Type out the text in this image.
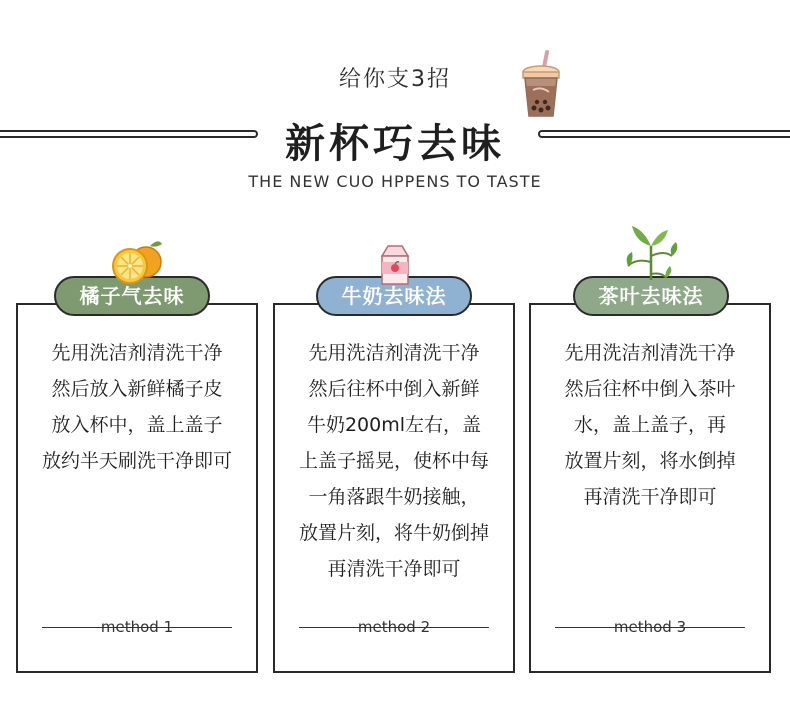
给你支3招
新杯巧去味
THE NEW CUO HPPENS TO TASTE
先用洗洁剂清洗干净
然后放入新鲜橘子皮
放入杯中，盖上盖子
放约半天刷洗干净即可
method 1
先用洗洁剂清洗干净
然后往杯中倒入新鲜
牛奶200ml左右，盖
上盖子摇晃，使杯中每
一角落跟牛奶接触，
放置片刻，将牛奶倒掉
再清洗干净即可
method 2
先用洗洁剂清洗干净
然后往杯中倒入茶叶
水，盖上盖子，再
放置片刻，将水倒掉
再清洗干净即可
method 3
橘子气去味	牛奶去味法	茶叶去味法
